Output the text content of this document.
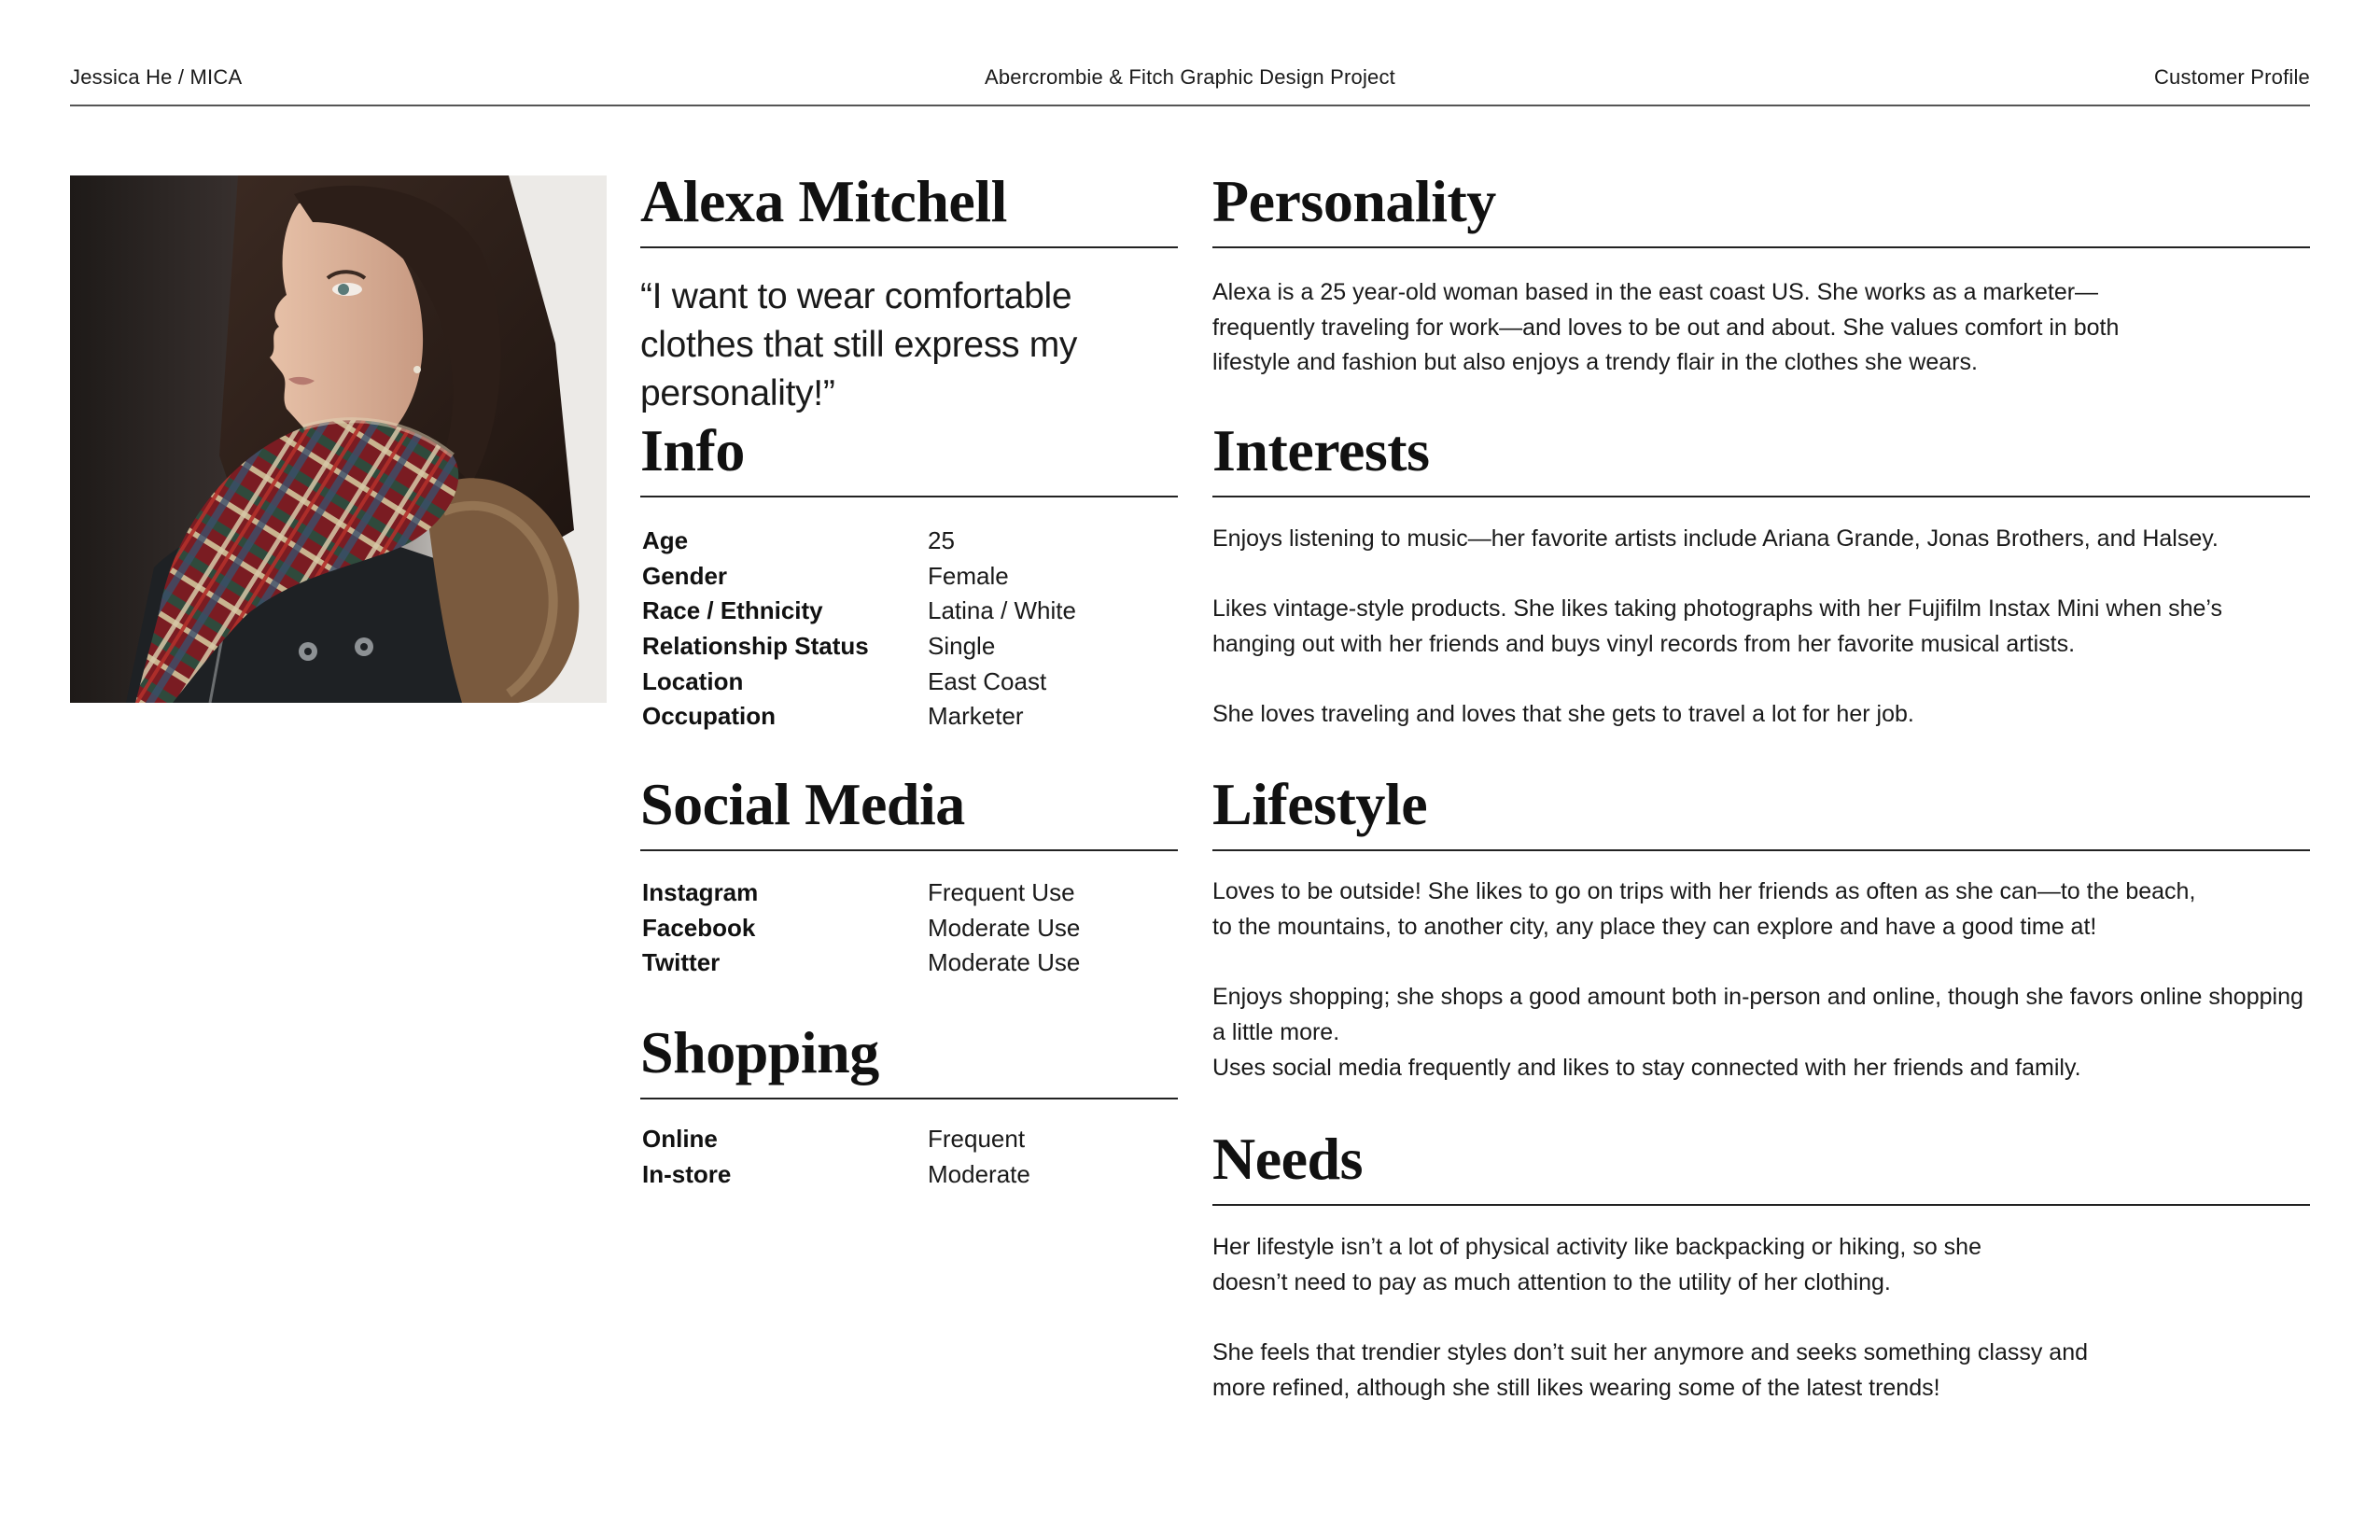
Jessica He / MICA	Abercrombie & Fitch Graphic Design Project	Customer Profile
Alexa Mitchell
“I want to wear comfortable clothes that still express my personality!”
Info
Age	25
Gender	Female
Race / Ethnicity	Latina / White
Relationship Status	Single
Location	East Coast
Occupation	Marketer
Social Media
Instagram	Frequent Use
Facebook	Moderate Use
Twitter	Moderate Use
Shopping
Online	Frequent
In-store	Moderate
Personality

Alexa is a 25 year-old woman based in the east coast US. She works as a marketer—
frequently traveling for work—and loves to be out and about. She values comfort in both
lifestyle and fashion but also enjoys a trendy flair in the clothes she wears.

Interests

Enjoys listening to music—her favorite artists include Ariana Grande, Jonas Brothers, and Halsey.

Likes vintage-style products. She likes taking photographs with her Fujifilm Instax Mini when she’s
hanging out with her friends and buys vinyl records from her favorite musical artists.

She loves traveling and loves that she gets to travel a lot for her job.

Lifestyle

Loves to be outside! She likes to go on trips with her friends as often as she can—to the beach,
to the mountains, to another city, any place they can explore and have a good time at!

Enjoys shopping; she shops a good amount both in-person and online, though she favors online shopping a little more.

Uses social media frequently and likes to stay connected with her friends and family.

Needs

Her lifestyle isn’t a lot of physical activity like backpacking or hiking, so she
doesn’t need to pay as much attention to the utility of her clothing.

She feels that trendier styles don’t suit her anymore and seeks something classy and
more refined, although she still likes wearing some of the latest trends!
